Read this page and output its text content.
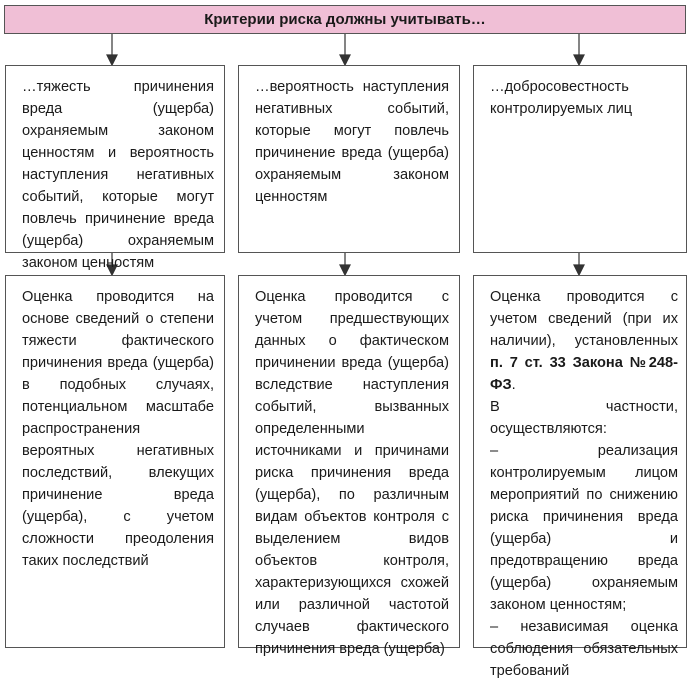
Критерии риска должны учитывать…
…тяжесть причинения вреда (ущерба) охраняемым законом ценностям и вероятность наступления негативных событий, которые могут повлечь причинение вреда (ущерба) охраняемым законом ценностям
…вероятность наступления негативных событий, которые могут повлечь причинение вреда (ущерба) охраняемым законом ценностям
…добросовестность контролируемых лиц
Оценка проводится на основе сведений о степени тяжести фактического причинения вреда (ущерба) в подобных случаях, потенциальном масштабе распространения вероятных негативных последствий, влекущих причинение вреда (ущерба), с учетом сложности преодоления таких последствий
Оценка проводится с учетом предшествующих данных о фактическом причинении вреда (ущерба) вследствие наступления событий, вызванных определенными источниками и причинами риска причинения вреда (ущерба), по различным видам объектов контроля с выделением видов объектов контроля, характеризующихся схожей или различной частотой случаев фактического причинения вреда (ущерба)

Оценка проводится с учетом сведений (при их наличии), установленных п. 7 ст. 33 Закона №248-ФЗ.

В частности, осуществляются:

– реализация контролируемым лицом мероприятий по снижению риска причинения вреда (ущерба) и предотвращению вреда (ущерба) охраняемым законом ценностям;

– независимая оценка соблюдения обязательных требований
